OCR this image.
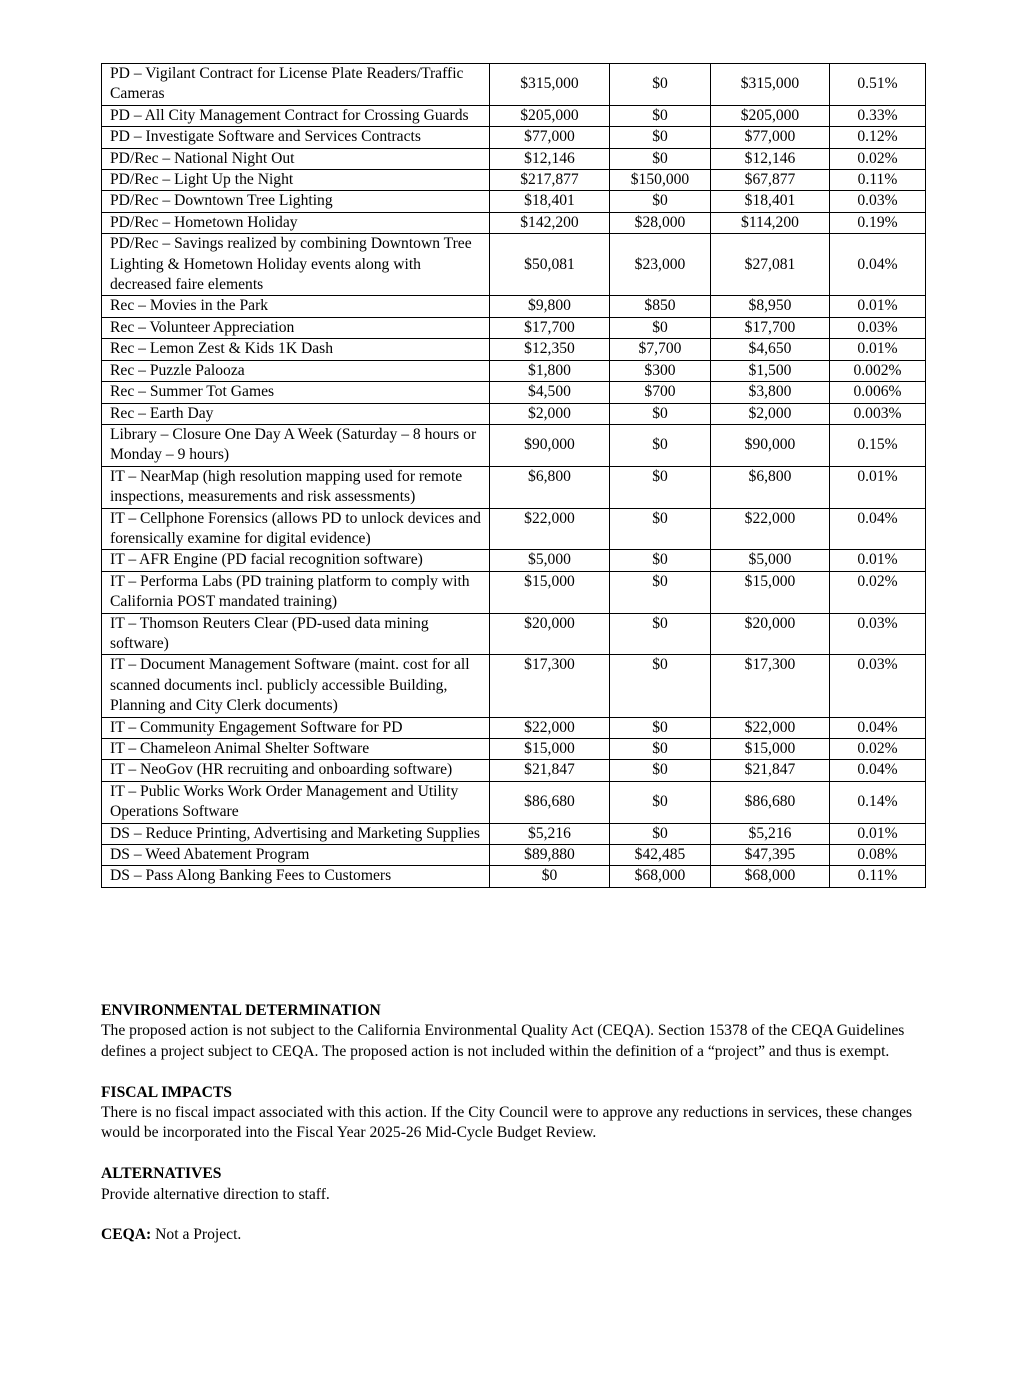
PD – Vigilant Contract for License Plate Readers/Traffic Cameras	$315,000	$0	$315,000	0.51%
PD – All City Management Contract for Crossing Guards	$205,000	$0	$205,000	0.33%
PD – Investigate Software and Services Contracts	$77,000	$0	$77,000	0.12%
PD/Rec – National Night Out	$12,146	$0	$12,146	0.02%
PD/Rec – Light Up the Night	$217,877	$150,000	$67,877	0.11%
PD/Rec – Downtown Tree Lighting	$18,401	$0	$18,401	0.03%
PD/Rec – Hometown Holiday	$142,200	$28,000	$114,200	0.19%
PD/Rec – Savings realized by combining Downtown Tree Lighting & Hometown Holiday events along with decreased faire elements	$50,081	$23,000	$27,081	0.04%
Rec – Movies in the Park	$9,800	$850	$8,950	0.01%
Rec – Volunteer Appreciation	$17,700	$0	$17,700	0.03%
Rec – Lemon Zest & Kids 1K Dash	$12,350	$7,700	$4,650	0.01%
Rec – Puzzle Palooza	$1,800	$300	$1,500	0.002%
Rec – Summer Tot Games	$4,500	$700	$3,800	0.006%
Rec – Earth Day	$2,000	$0	$2,000	0.003%
Library – Closure One Day A Week (Saturday – 8 hours or Monday – 9 hours)	$90,000	$0	$90,000	0.15%
IT – NearMap (high resolution mapping used for remote inspections, measurements and risk assessments)	$6,800	$0	$6,800	0.01%
IT – Cellphone Forensics (allows PD to unlock devices and forensically examine for digital evidence)	$22,000	$0	$22,000	0.04%
IT – AFR Engine (PD facial recognition software)	$5,000	$0	$5,000	0.01%
IT – Performa Labs (PD training platform to comply with California POST mandated training)	$15,000	$0	$15,000	0.02%
IT – Thomson Reuters Clear (PD-used data mining software)	$20,000	$0	$20,000	0.03%
IT – Document Management Software (maint. cost for all scanned documents incl. publicly accessible Building, Planning and City Clerk documents)	$17,300	$0	$17,300	0.03%
IT – Community Engagement Software for PD	$22,000	$0	$22,000	0.04%
IT – Chameleon Animal Shelter Software	$15,000	$0	$15,000	0.02%
IT – NeoGov (HR recruiting and onboarding software)	$21,847	$0	$21,847	0.04%
IT – Public Works Work Order Management and Utility Operations Software	$86,680	$0	$86,680	0.14%
DS – Reduce Printing, Advertising and Marketing Supplies	$5,216	$0	$5,216	0.01%
DS – Weed Abatement Program	$89,880	$42,485	$47,395	0.08%
DS – Pass Along Banking Fees to Customers	$0	$68,000	$68,000	0.11%
ENVIRONMENTAL DETERMINATION

The proposed action is not subject to the California Environmental Quality Act (CEQA). Section 15378 of the CEQA Guidelines defines a project subject to CEQA. The proposed action is not included within the definition of a “project” and thus is exempt.

FISCAL IMPACTS

There is no fiscal impact associated with this action. If the City Council were to approve any reductions in services, these changes would be incorporated into the Fiscal Year 2025-26 Mid-Cycle Budget Review.

ALTERNATIVES

Provide alternative direction to staff.

CEQA: Not a Project.
